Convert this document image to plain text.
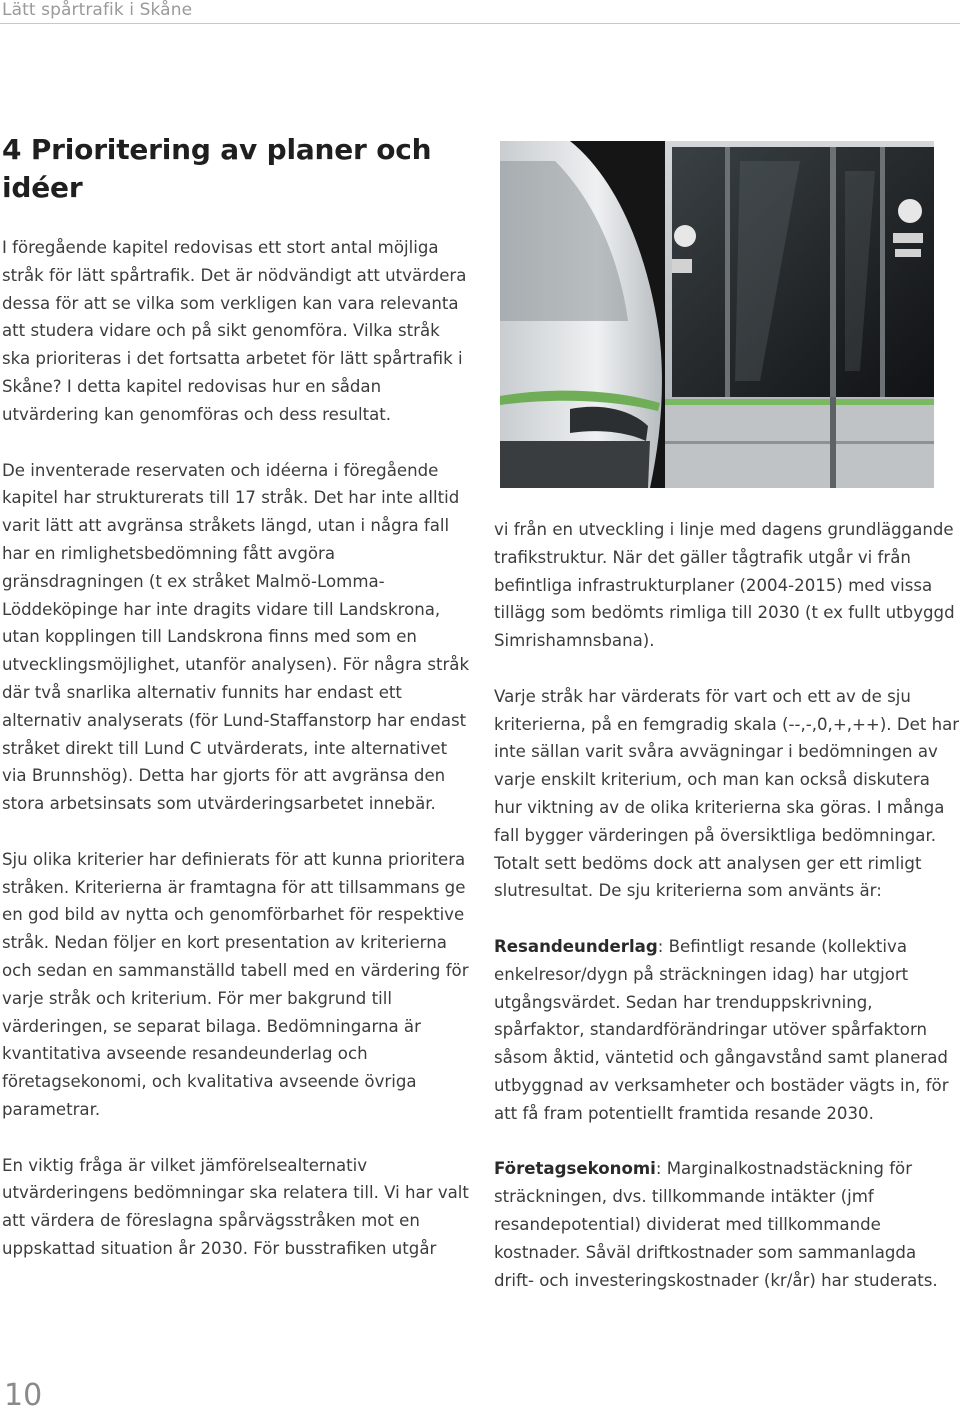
Lätt spårtrafik i Skåne
4 Prioritering av planer och idéer

I föregående kapitel redovisas ett stort antal möjliga stråk för lätt spårtrafik. Det är nödvändigt att utvärdera dessa för att se vilka som verkligen kan vara relevanta att studera vidare och på sikt genomföra. Vilka stråk ska prioriteras i det fortsatta arbetet för lätt spårtrafik i Skåne? I detta kapitel redovisas hur en sådan utvärdering kan genomföras och dess resultat.

De inventerade reservaten och idéerna i föregående kapitel har strukturerats till 17 stråk. Det har inte alltid varit lätt att avgränsa stråkets längd, utan i några fall har en rimlighetsbedömning fått avgöra gränsdragningen (t ex stråket Malmö-Lomma-Löddeköpinge har inte dragits vidare till Landskrona, utan kopplingen till Landskrona finns med som en utvecklingsmöjlighet, utanför analysen). För några stråk där två snarlika alternativ funnits har endast ett alternativ analyserats (för Lund-Staffanstorp har endast stråket direkt till Lund C utvärderats, inte alternativet via Brunnshög). Detta har gjorts för att avgränsa den stora arbetsinsats som utvärderingsarbetet innebär.

Sju olika kriterier har definierats för att kunna prioritera stråken. Kriterierna är framtagna för att tillsammans ge en god bild av nytta och genomförbarhet för respektive stråk. Nedan följer en kort presentation av kriterierna och sedan en sammanställd tabell med en värdering för varje stråk och kriterium. För mer bakgrund till värderingen, se separat bilaga. Bedömningarna är kvantitativa avseende resandeunderlag och företagsekonomi, och kvalitativa avseende övriga parametrar.

En viktig fråga är vilket jämförelsealternativ utvärderingens bedömningar ska relatera till. Vi har valt att värdera de föreslagna spårvägsstråken mot en uppskattad situation år 2030. För busstrafiken utgår

vi från en utveckling i linje med dagens grundläggande trafikstruktur. När det gäller tågtrafik utgår vi från befintliga infrastrukturplaner (2004-2015) med vissa tillägg som bedömts rimliga till 2030 (t ex fullt utbyggd Simrishamnsbana).

Varje stråk har värderats för vart och ett av de sju kriterierna, på en femgradig skala (--,-,0,+,++). Det har inte sällan varit svåra avvägningar i bedömningen av varje enskilt kriterium, och man kan också diskutera hur viktning av de olika kriterierna ska göras. I många fall bygger värderingen på översiktliga bedömningar. Totalt sett bedöms dock att analysen ger ett rimligt slutresultat. De sju kriterierna som använts är:

Resandeunderlag: Befintligt resande (kollektiva enkelresor/dygn på sträckningen idag) har utgjort utgångsvärdet. Sedan har trenduppskrivning, spårfaktor, standardförändringar utöver spårfaktorn såsom åktid, väntetid och gångavstånd samt planerad utbyggnad av verksamheter och bostäder vägts in, för att få fram potentiellt framtida resande 2030.

Företagsekonomi: Marginalkostnadstäckning för sträckningen, dvs. tillkommande intäkter (jmf resandepotential) dividerat med tillkommande kostnader. Såväl driftkostnader som sammanlagda drift- och investeringskostnader (kr/år) har studerats.

10
